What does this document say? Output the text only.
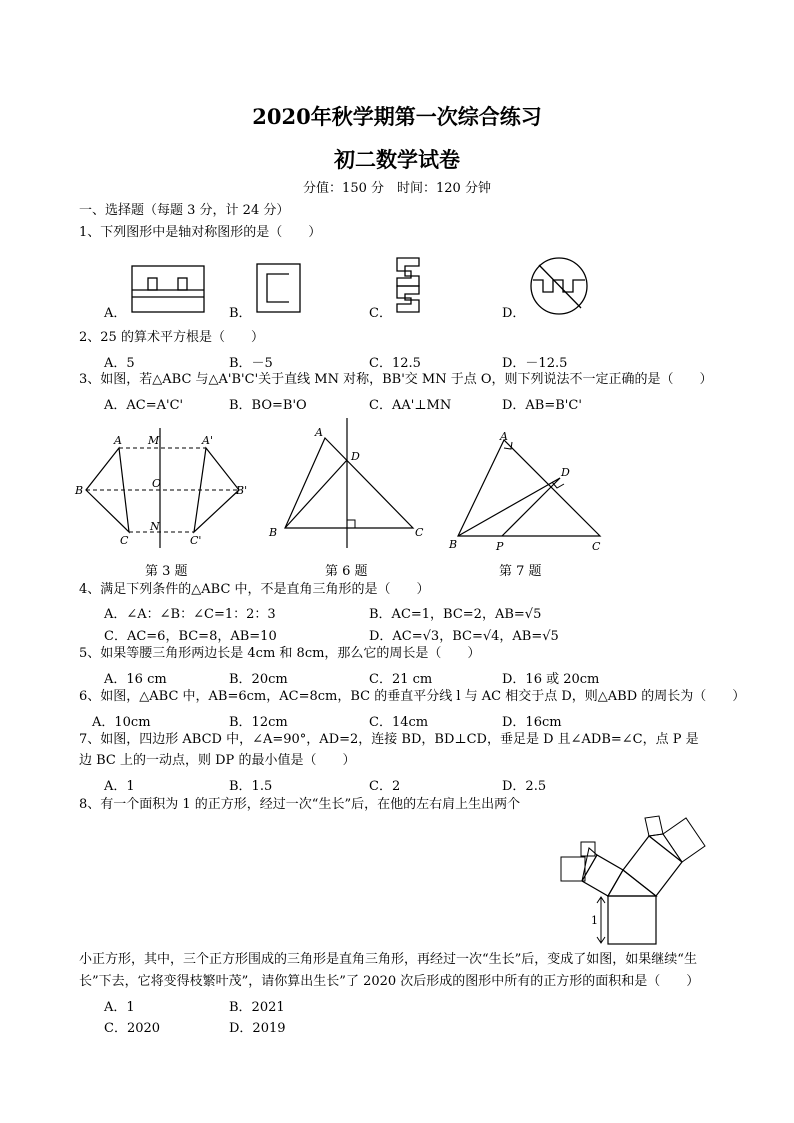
2020年秋学期第一次综合练习
初二数学试卷
分值：150 分　时间：120 分钟
一、选择题（每题 3 分，计 24 分）
1、下列图形中是轴对称图形的是（　　）
A．	B．	C．	D．
2、25 的算术平方根是（　　）
A．5	B．－5	C．12.5	D．－12.5
3、如图，若△ABC 与△A'B'C'关于直线 MN 对称，BB'交 MN 于点 O，则下列说法不一定正确的是（　　）
A．AC=A'C'	B．BO=B'O	C．AA'⊥MN	D．AB=B'C'
A M	A'
B
O
B'
C
N
C'
第 3 题
A
D
B	C
第 6 题
A
D
B	P	C
第 7 题
4、满足下列条件的△ABC 中，不是直角三角形的是（　　）
A．∠A：∠B：∠C=1：2：3	B．AC=1，BC=2，AB=√5
C．AC=6，BC=8，AB=10	D．AC=√3，BC=√4，AB=√5
5、如果等腰三角形两边长是 4cm 和 8cm，那么它的周长是（　　）
A．16 cm	B．20cm	C．21 cm	D．16 或 20cm
6、如图，△ABC 中，AB=6cm，AC=8cm，BC 的垂直平分线 l 与 AC 相交于点 D，则△ABD 的周长为（　　）
A．10cm	B．12cm	C．14cm	D．16cm
7、如图，四边形 ABCD 中，∠A=90°，AD=2，连接 BD，BD⊥CD，垂足是 D 且∠ADB=∠C，点 P 是
边 BC 上的一动点，则 DP 的最小值是（　　）
A．1	B．1.5	C．2	D．2.5
8、有一个面积为 1 的正方形，经过一次“生长”后，在他的左右肩上生出两个
1
小正方形，其中，三个正方形围成的三角形是直角三角形，再经过一次“生长”后，变成了如图，如果继续“生
长”下去，它将变得枝繁叶茂”，请你算出生长”了 2020 次后形成的图形中所有的正方形的面积和是（　　）
A．1	B．2021
C．2020	D．2019
